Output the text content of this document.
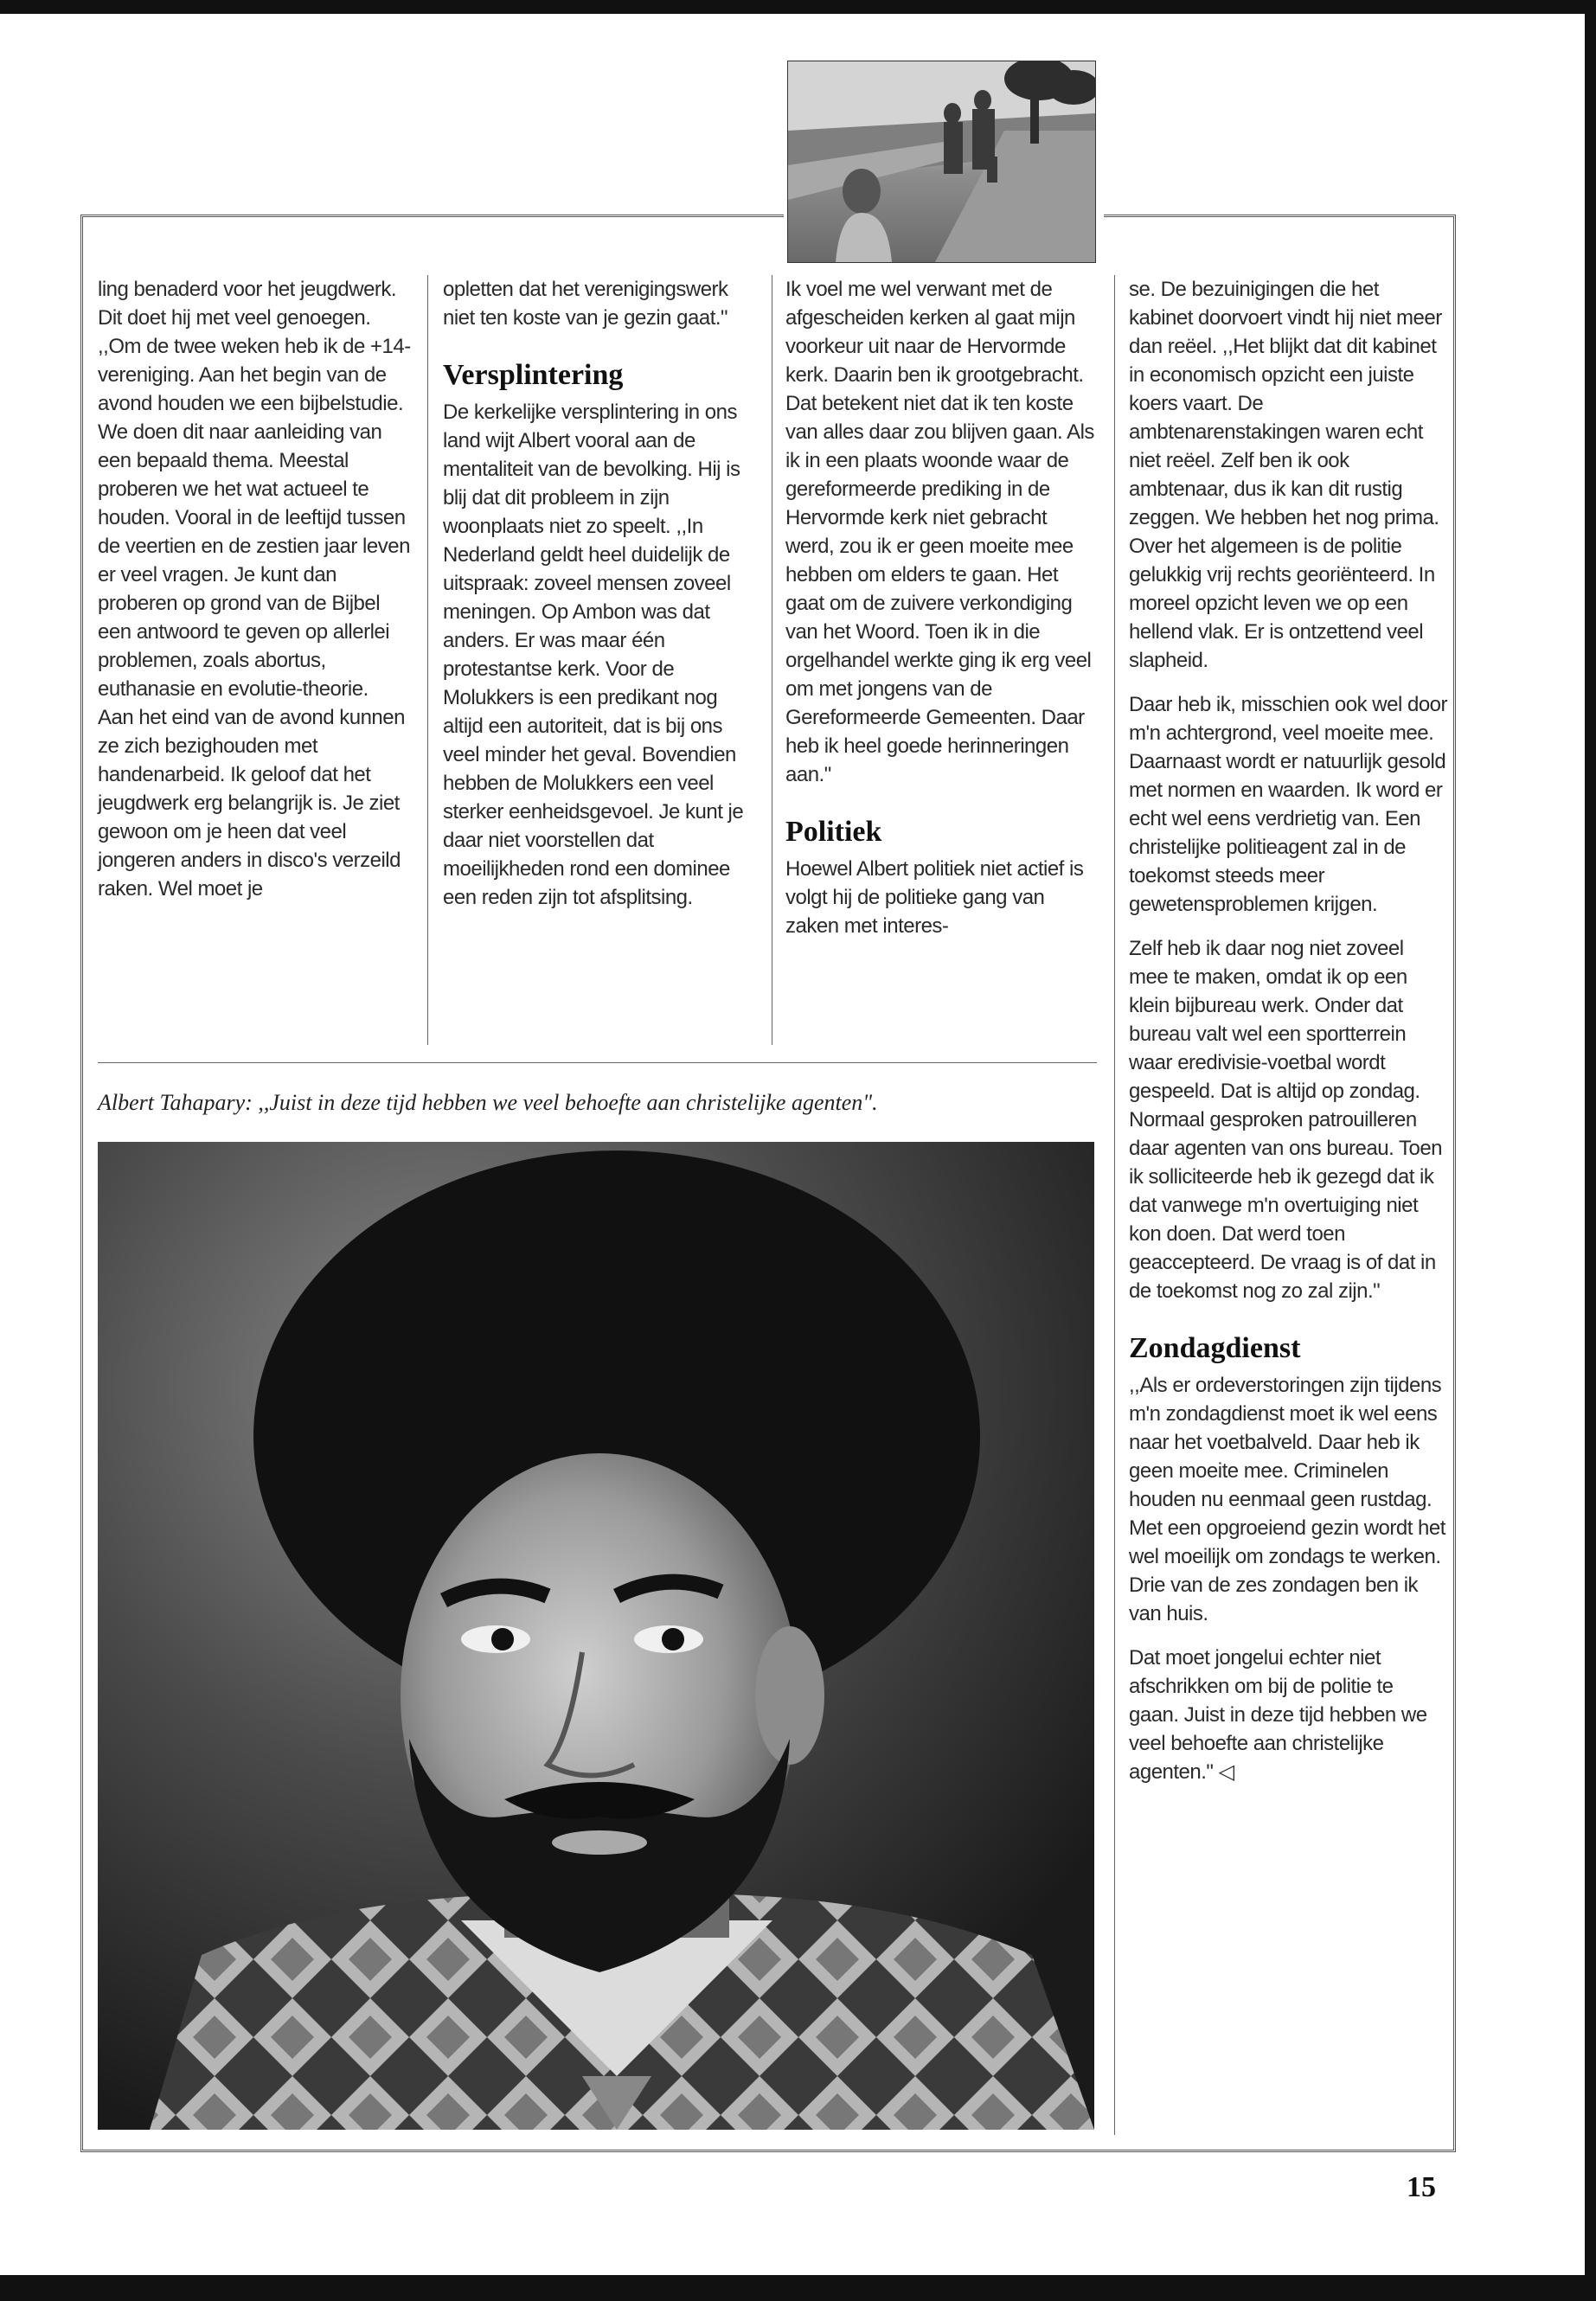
ling benaderd voor het jeugdwerk. Dit doet hij met veel genoegen. ,,Om de twee weken heb ik de +14-vereniging. Aan het begin van de avond houden we een bijbelstudie. We doen dit naar aanleiding van een bepaald thema. Meestal proberen we het wat actueel te houden. Vooral in de leeftijd tussen de veertien en de zestien jaar leven er veel vragen. Je kunt dan proberen op grond van de Bijbel een antwoord te geven op allerlei problemen, zoals abortus, euthanasie en evolutie-theorie.

Aan het eind van de avond kunnen ze zich bezighouden met handenarbeid. Ik geloof dat het jeugdwerk erg belangrijk is. Je ziet gewoon om je heen dat veel jongeren anders in disco's verzeild raken. Wel moet je

opletten dat het verenigingswerk niet ten koste van je gezin gaat."

Versplintering

De kerkelijke versplintering in ons land wijt Albert vooral aan de mentaliteit van de bevolking. Hij is blij dat dit probleem in zijn woonplaats niet zo speelt. ,,In Nederland geldt heel duidelijk de uitspraak: zoveel mensen zoveel meningen. Op Ambon was dat anders. Er was maar één protestantse kerk. Voor de Molukkers is een predikant nog altijd een autoriteit, dat is bij ons veel minder het geval. Bovendien hebben de Molukkers een veel sterker eenheidsgevoel. Je kunt je daar niet voorstellen dat moeilijkheden rond een dominee een reden zijn tot afsplitsing.

Ik voel me wel verwant met de afgescheiden kerken al gaat mijn voorkeur uit naar de Hervormde kerk. Daarin ben ik grootgebracht. Dat betekent niet dat ik ten koste van alles daar zou blijven gaan. Als ik in een plaats woonde waar de gereformeerde prediking in de Hervormde kerk niet gebracht werd, zou ik er geen moeite mee hebben om elders te gaan. Het gaat om de zuivere verkondiging van het Woord. Toen ik in die orgelhandel werkte ging ik erg veel om met jongens van de Gereformeerde Gemeenten. Daar heb ik heel goede herinneringen aan."

Politiek

Hoewel Albert politiek niet actief is volgt hij de politieke gang van zaken met interes-

se. De bezuinigingen die het kabinet doorvoert vindt hij niet meer dan reëel. ,,Het blijkt dat dit kabinet in economisch opzicht een juiste koers vaart. De ambtenarenstakingen waren echt niet reëel. Zelf ben ik ook ambtenaar, dus ik kan dit rustig zeggen. We hebben het nog prima. Over het algemeen is de politie gelukkig vrij rechts georiënteerd. In moreel opzicht leven we op een hellend vlak. Er is ontzettend veel slapheid.

Daar heb ik, misschien ook wel door m'n achtergrond, veel moeite mee. Daarnaast wordt er natuurlijk gesold met normen en waarden. Ik word er echt wel eens verdrietig van. Een christelijke politieagent zal in de toekomst steeds meer gewetensproblemen krijgen.

Zelf heb ik daar nog niet zoveel mee te maken, omdat ik op een klein bijbureau werk. Onder dat bureau valt wel een sportterrein waar eredivisie-voetbal wordt gespeeld. Dat is altijd op zondag. Normaal gesproken patrouilleren daar agenten van ons bureau. Toen ik solliciteerde heb ik gezegd dat ik dat vanwege m'n overtuiging niet kon doen. Dat werd toen geaccepteerd. De vraag is of dat in de toekomst nog zo zal zijn."

Zondagdienst

,,Als er ordeverstoringen zijn tijdens m'n zondagdienst moet ik wel eens naar het voetbalveld. Daar heb ik geen moeite mee. Criminelen houden nu eenmaal geen rustdag. Met een opgroeiend gezin wordt het wel moeilijk om zondags te werken. Drie van de zes zondagen ben ik van huis.

Dat moet jongelui echter niet afschrikken om bij de politie te gaan. Juist in deze tijd hebben we veel behoefte aan christelijke agenten." ◁

Albert Tahapary: ,,Juist in deze tijd hebben we veel behoefte aan christelijke agenten".
15
